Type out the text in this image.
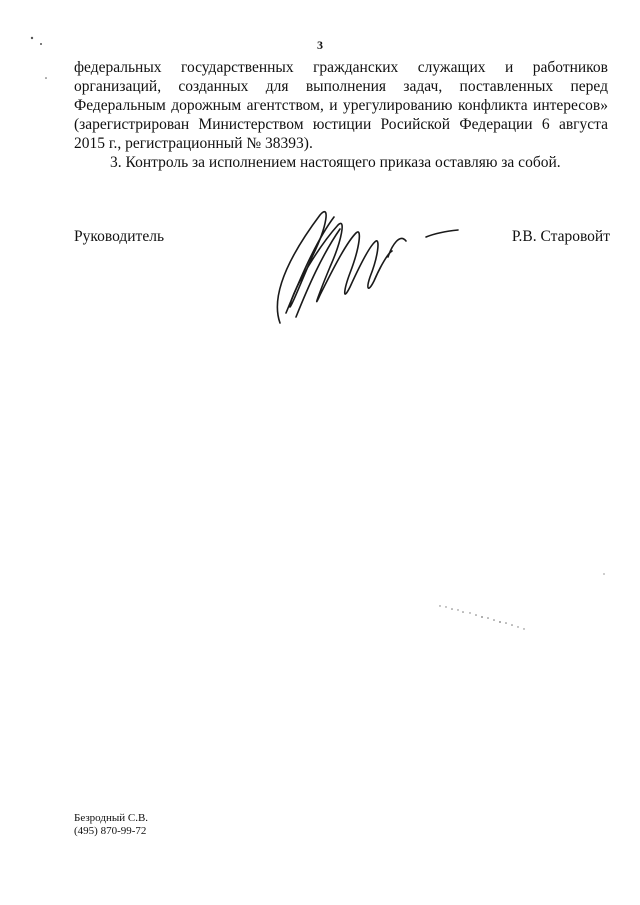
3

федеральных государственных гражданских служащих и работников организаций, созданных для выполнения задач, поставленных перед Федеральным дорожным агентством, и урегулированию конфликта интересов» (зарегистрирован Министерством юстиции Росийской Федерации 6 августа 2015 г., регистрационный № 38393).

3. Контроль за исполнением настоящего приказа оставляю за собой.

Руководитель	Р.В. Старовойт
Безродный С.В.
(495) 870-99-72
